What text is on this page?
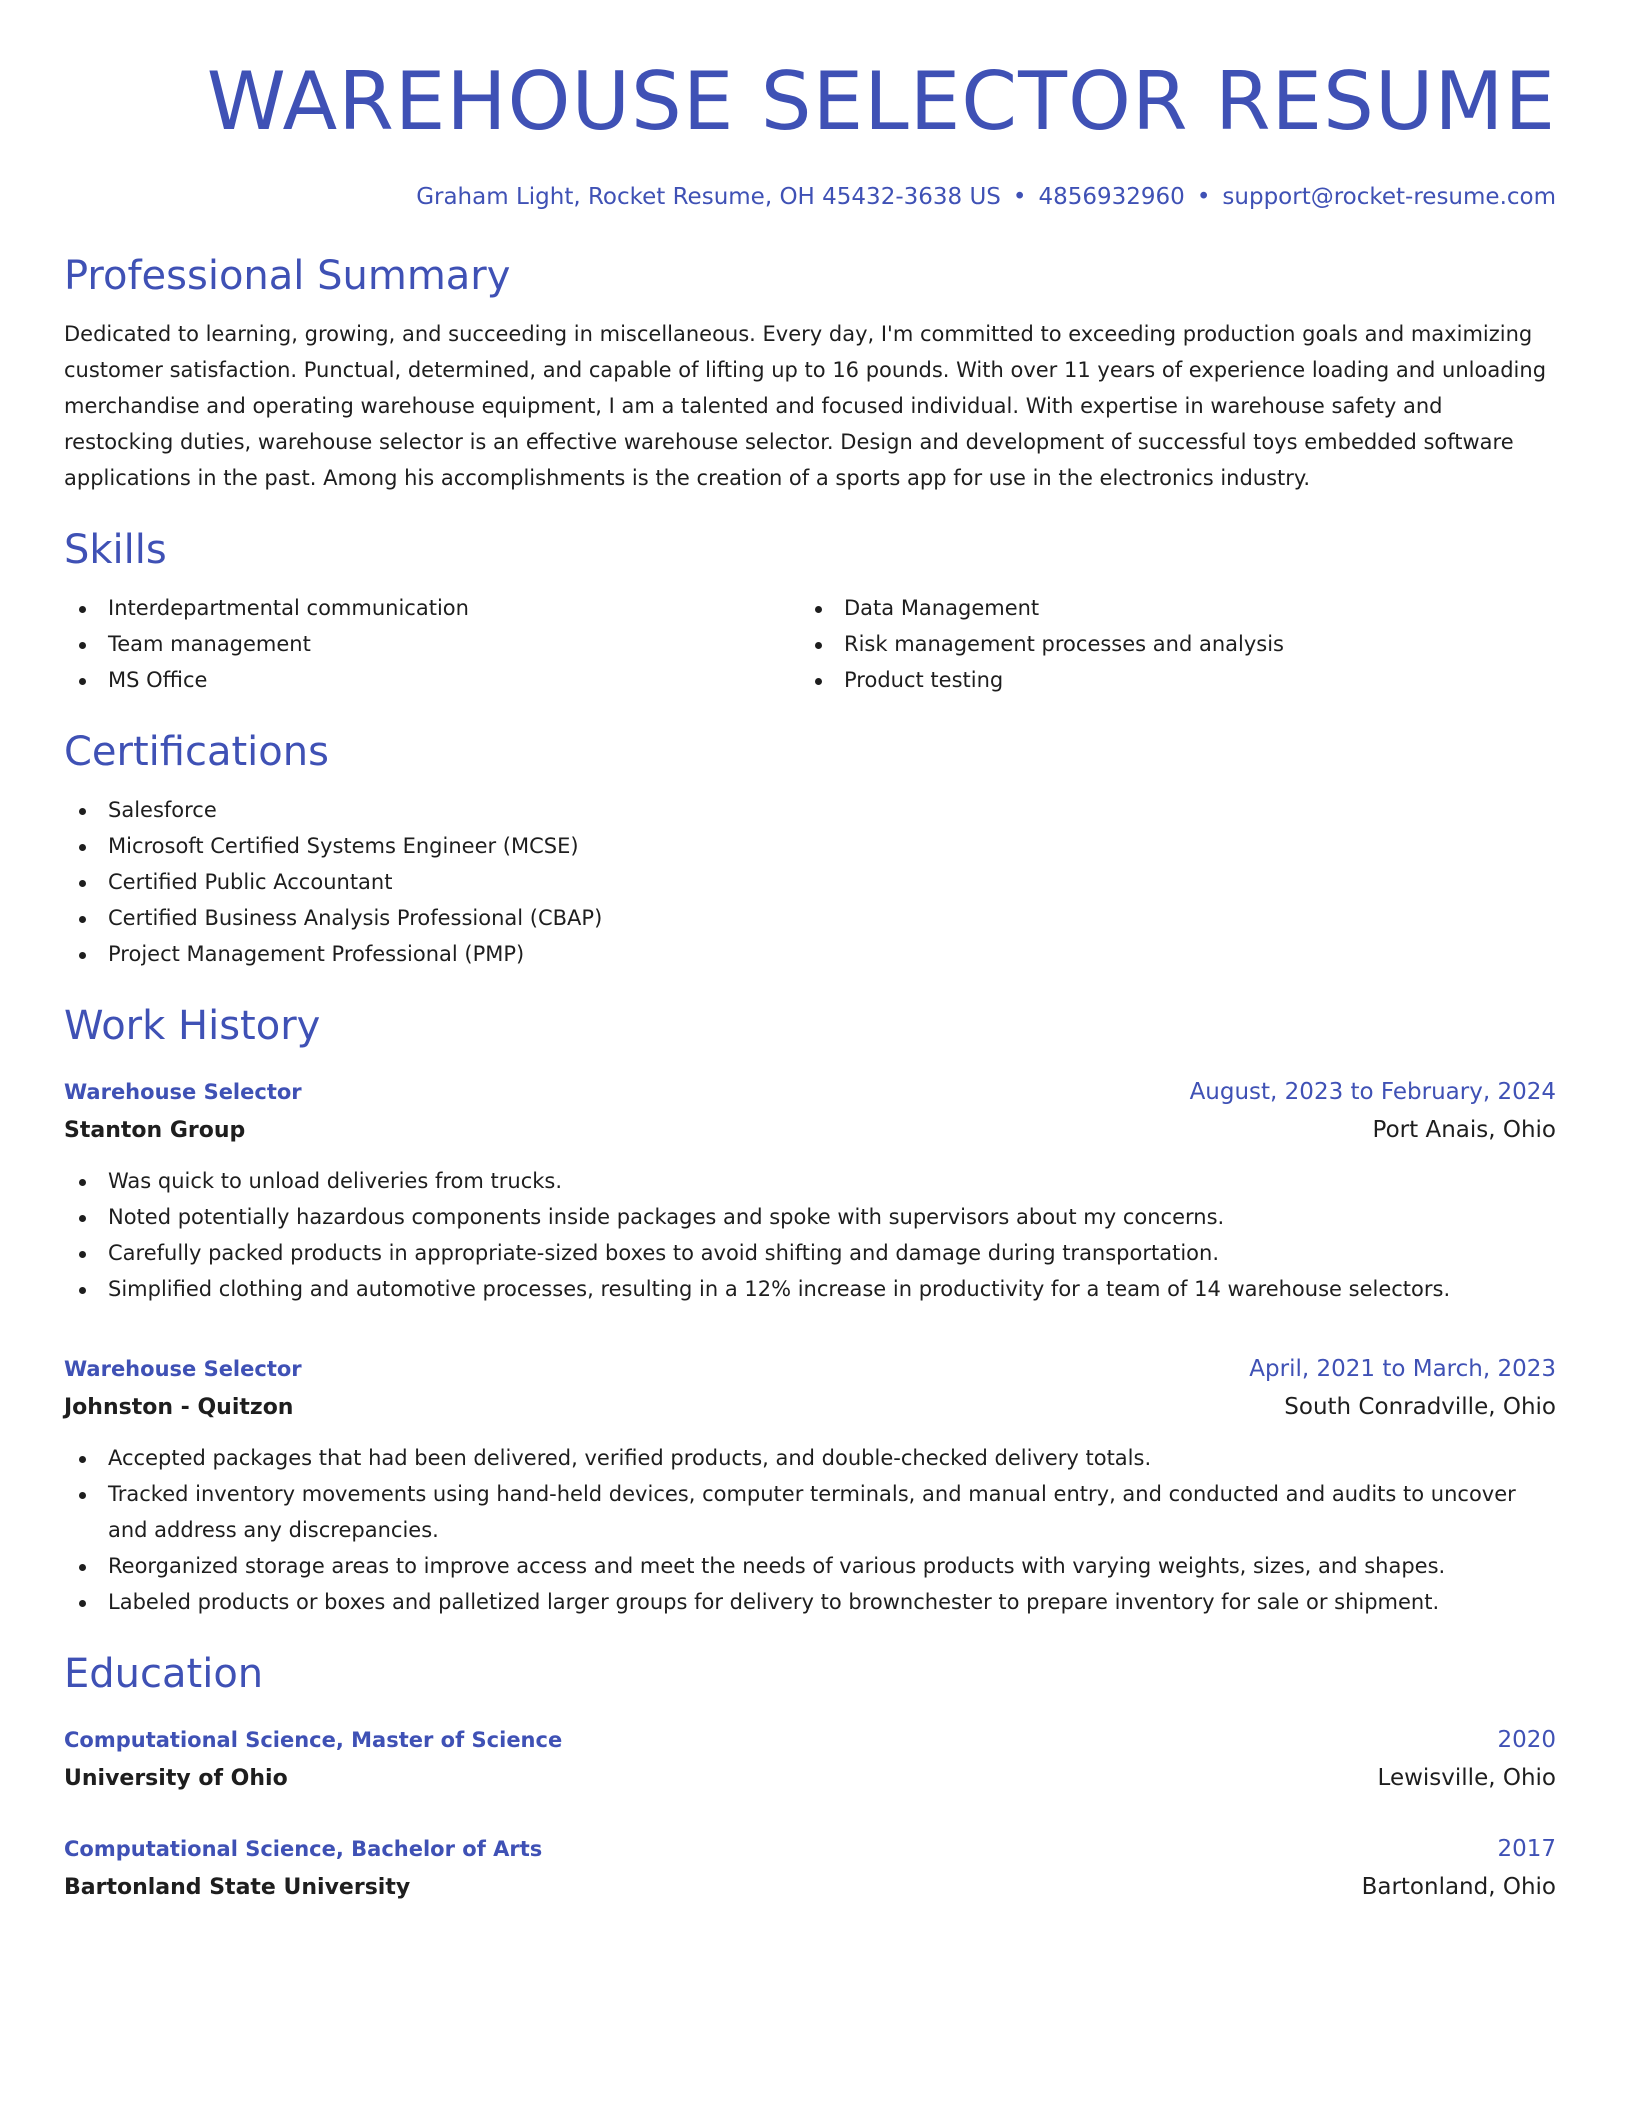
WAREHOUSE SELECTOR RESUME
Graham Light, Rocket Resume, OH 45432-3638 US • 4856932960 • support@rocket-resume.com
Professional Summary

Dedicated to learning, growing, and succeeding in miscellaneous. Every day, I'm committed to exceeding production goals and maximizing customer satisfaction. Punctual, determined, and capable of lifting up to 16 pounds. With over 11 years of experience loading and unloading merchandise and operating warehouse equipment, I am a talented and focused individual. With expertise in warehouse safety and restocking duties, warehouse selector is an effective warehouse selector. Design and development of successful toys embedded software applications in the past. Among his accomplishments is the creation of a sports app for use in the electronics industry.

Skills
Interdepartmental communication
Team management
MS Office
Data Management
Risk management processes and analysis
Product testing
Certifications
Salesforce
Microsoft Certified Systems Engineer (MCSE)
Certified Public Accountant
Certified Business Analysis Professional (CBAP)
Project Management Professional (PMP)
Work History
Warehouse Selector	August, 2023 to February, 2024
Stanton Group	Port Anais, Ohio
Was quick to unload deliveries from trucks.
Noted potentially hazardous components inside packages and spoke with supervisors about my concerns.
Carefully packed products in appropriate-sized boxes to avoid shifting and damage during transportation.
Simplified clothing and automotive processes, resulting in a 12% increase in productivity for a team of 14 warehouse selectors.
Warehouse Selector	April, 2021 to March, 2023
Johnston - Quitzon	South Conradville, Ohio
Accepted packages that had been delivered, verified products, and double-checked delivery totals.
Tracked inventory movements using hand-held devices, computer terminals, and manual entry, and conducted and audits to uncover and address any discrepancies.
Reorganized storage areas to improve access and meet the needs of various products with varying weights, sizes, and shapes.
Labeled products or boxes and palletized larger groups for delivery to brownchester to prepare inventory for sale or shipment.
Education
Computational Science, Master of Science	2020
University of Ohio	Lewisville, Ohio
Computational Science, Bachelor of Arts	2017
Bartonland State University	Bartonland, Ohio
